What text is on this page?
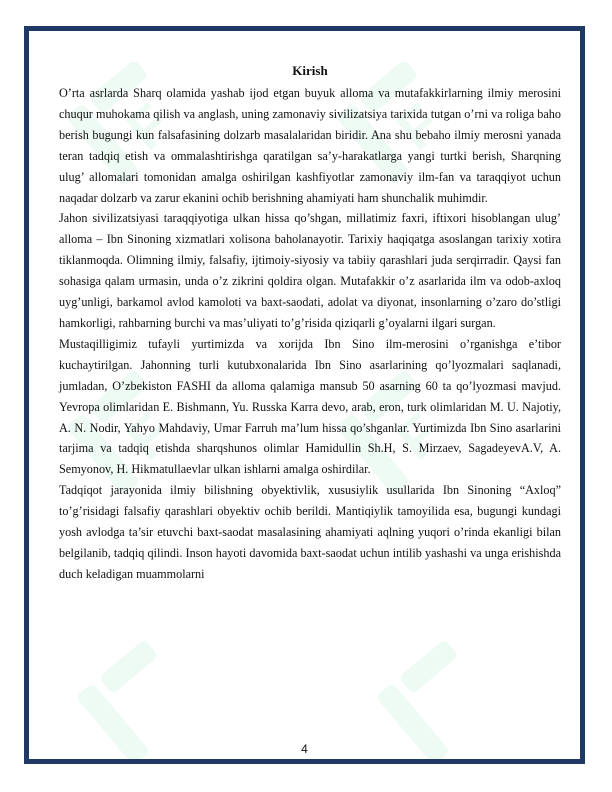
F	F
F	F
Kirish

O’rta asrlarda Sharq olamida yashab ijod etgan buyuk alloma va mutafakkirlarning ilmiy merosini chuqur muhokama qilish va anglash, uning zamonaviy sivilizatsiya tarixida tutgan o’rni va roliga baho berish bugungi kun falsafasining dolzarb masalalaridan biridir. Ana shu bebaho ilmiy merosni yanada teran tadqiq etish va ommalashtirishga qaratilgan sa’y-harakatlarga yangi turtki berish, Sharqning ulug’ allomalari tomonidan amalga oshirilgan kashfiyotlar zamonaviy ilm-fan va taraqqiyot uchun naqadar dolzarb va zarur ekanini ochib berishning ahamiyati ham shunchalik muhimdir.

Jahon sivilizatsiyasi taraqqiyotiga ulkan hissa qo’shgan, millatimiz faxri, iftixori hisoblangan ulug’ alloma – Ibn Sinoning xizmatlari xolisona baholanayotir. Tarixiy haqiqatga asoslangan tarixiy xotira tiklanmoqda. Olimning ilmiy, falsafiy, ijtimoiy-siyosiy va tabiiy qarashlari juda serqirradir. Qaysi fan sohasiga qalam urmasin, unda o’z zikrini qoldira olgan. Mutafakkir o’z asarlarida ilm va odob-axloq uyg’unligi, barkamol avlod kamoloti va baxt-saodati, adolat va diyonat, insonlarning o’zaro do’stligi hamkorligi, rahbarning burchi va mas’uliyati to’g’risida qiziqarli g’oyalarni ilgari surgan.

Mustaqilligimiz tufayli yurtimizda va xorijda Ibn Sino ilm-merosini o’rganishga e’tibor kuchaytirilgan. Jahonning turli kutubxonalarida Ibn Sino asarlarining qo’lyozmalari saqlanadi, jumladan, O’zbekiston FASHI da alloma qalamiga mansub 50 asarning 60 ta qo’lyozmasi mavjud. Yevropa olimlaridan E. Bishmann, Yu. Russka Karra devo, arab, eron, turk olimlaridan M. U. Najotiy, A. N. Nodir, Yahyo Mahdaviy, Umar Farruh ma’lum hissa qo’shganlar. Yurtimizda Ibn Sino asarlarini tarjima va tadqiq etishda sharqshunos olimlar Hamidullin Sh.H, S. Mirzaev, SagadeyevA.V, A. Semyonov, H. Hikmatullaevlar ulkan ishlarni amalga oshirdilar.

Tadqiqot jarayonida ilmiy bilishning obyektivlik, xususiylik usullarida Ibn Sinoning “Axloq” to’g’risidagi falsafiy qarashlari obyektiv ochib berildi. Mantiqiylik tamoyilida esa, bugungi kundagi yosh avlodga ta’sir etuvchi baxt-saodat masalasining ahamiyati aqlning yuqori o’rinda ekanligi bilan belgilanib, tadqiq qilindi. Inson hayoti davomida baxt-saodat uchun intilib yashashi va unga erishishda duch keladigan muammolarni

4
